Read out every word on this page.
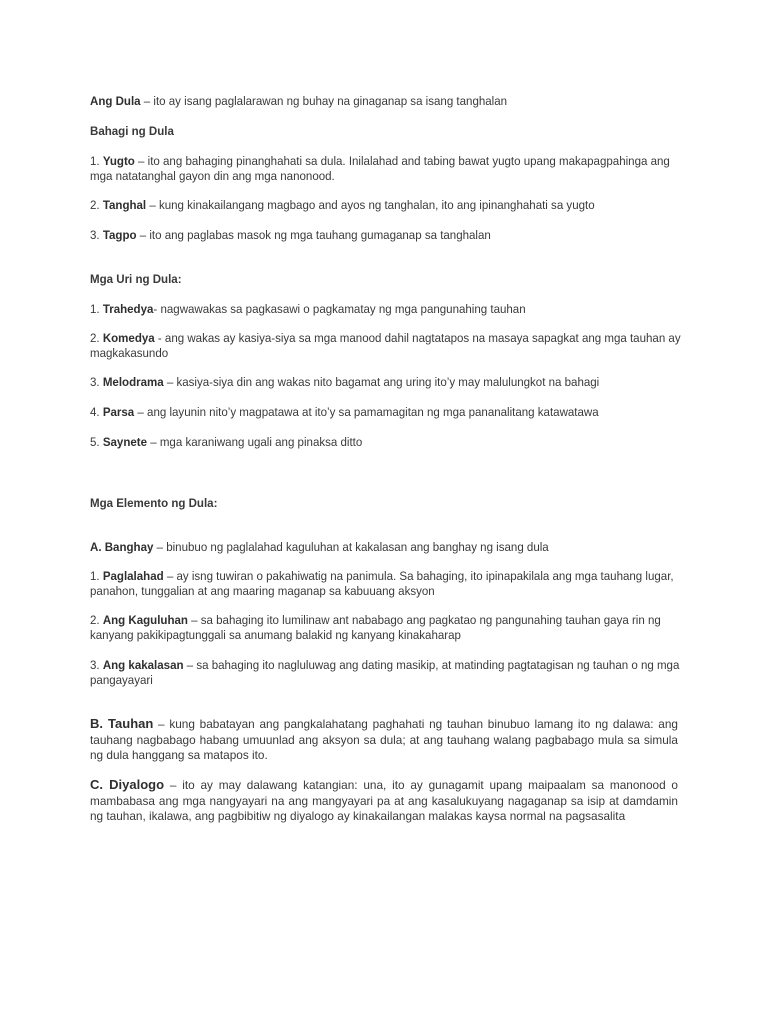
Ang Dula – ito ay isang paglalarawan ng buhay na ginaganap sa isang tanghalan

Bahagi ng Dula

1. Yugto – ito ang bahaging pinanghahati sa dula. Inilalahad and tabing bawat yugto upang makapagpahinga ang mga natatanghal gayon din ang mga nanonood.

2. Tanghal – kung kinakailangang magbago and ayos ng tanghalan, ito ang ipinanghahati sa yugto

3. Tagpo – ito ang paglabas masok ng mga tauhang gumaganap sa tanghalan

Mga Uri ng Dula:

1. Trahedya- nagwawakas sa pagkasawi o pagkamatay ng mga pangunahing tauhan

2. Komedya - ang wakas ay kasiya-siya sa mga manood dahil nagtatapos na masaya sapagkat ang mga tauhan ay magkakasundo

3. Melodrama – kasiya-siya din ang wakas nito bagamat ang uring ito’y may malulungkot na bahagi

4. Parsa – ang layunin nito’y magpatawa at ito’y sa pamamagitan ng mga pananalitang katawatawa

5. Saynete – mga karaniwang ugali ang pinaksa ditto

Mga Elemento ng Dula:

A. Banghay – binubuo ng paglalahad kaguluhan at kakalasan ang banghay ng isang dula

1. Paglalahad – ay isng tuwiran o pakahiwatig na panimula. Sa bahaging, ito ipinapakilala ang mga tauhang lugar, panahon, tunggalian at ang maaring maganap sa kabuuang aksyon

2. Ang Kaguluhan – sa bahaging ito lumilinaw ant nababago ang pagkatao ng pangunahing tauhan gaya rin ng kanyang pakikipagtunggali sa anumang balakid ng kanyang kinakaharap

3. Ang kakalasan – sa bahaging ito nagluluwag ang dating masikip, at matinding pagtatagisan ng tauhan o ng mga pangayayari

B. Tauhan – kung babatayan ang pangkalahatang paghahati ng tauhan binubuo lamang ito ng dalawa: ang tauhang nagbabago habang umuunlad ang aksyon sa dula; at ang tauhang walang pagbabago mula sa simula ng dula hanggang sa matapos ito.

C. Diyalogo – ito ay may dalawang katangian: una, ito ay gunagamit upang maipaalam sa manonood o mambabasa ang mga nangyayari na ang mangyayari pa at ang kasalukuyang nagaganap sa isip at damdamin ng tauhan, ikalawa, ang pagbibitiw ng diyalogo ay kinakailangan malakas kaysa normal na pagsasalita
